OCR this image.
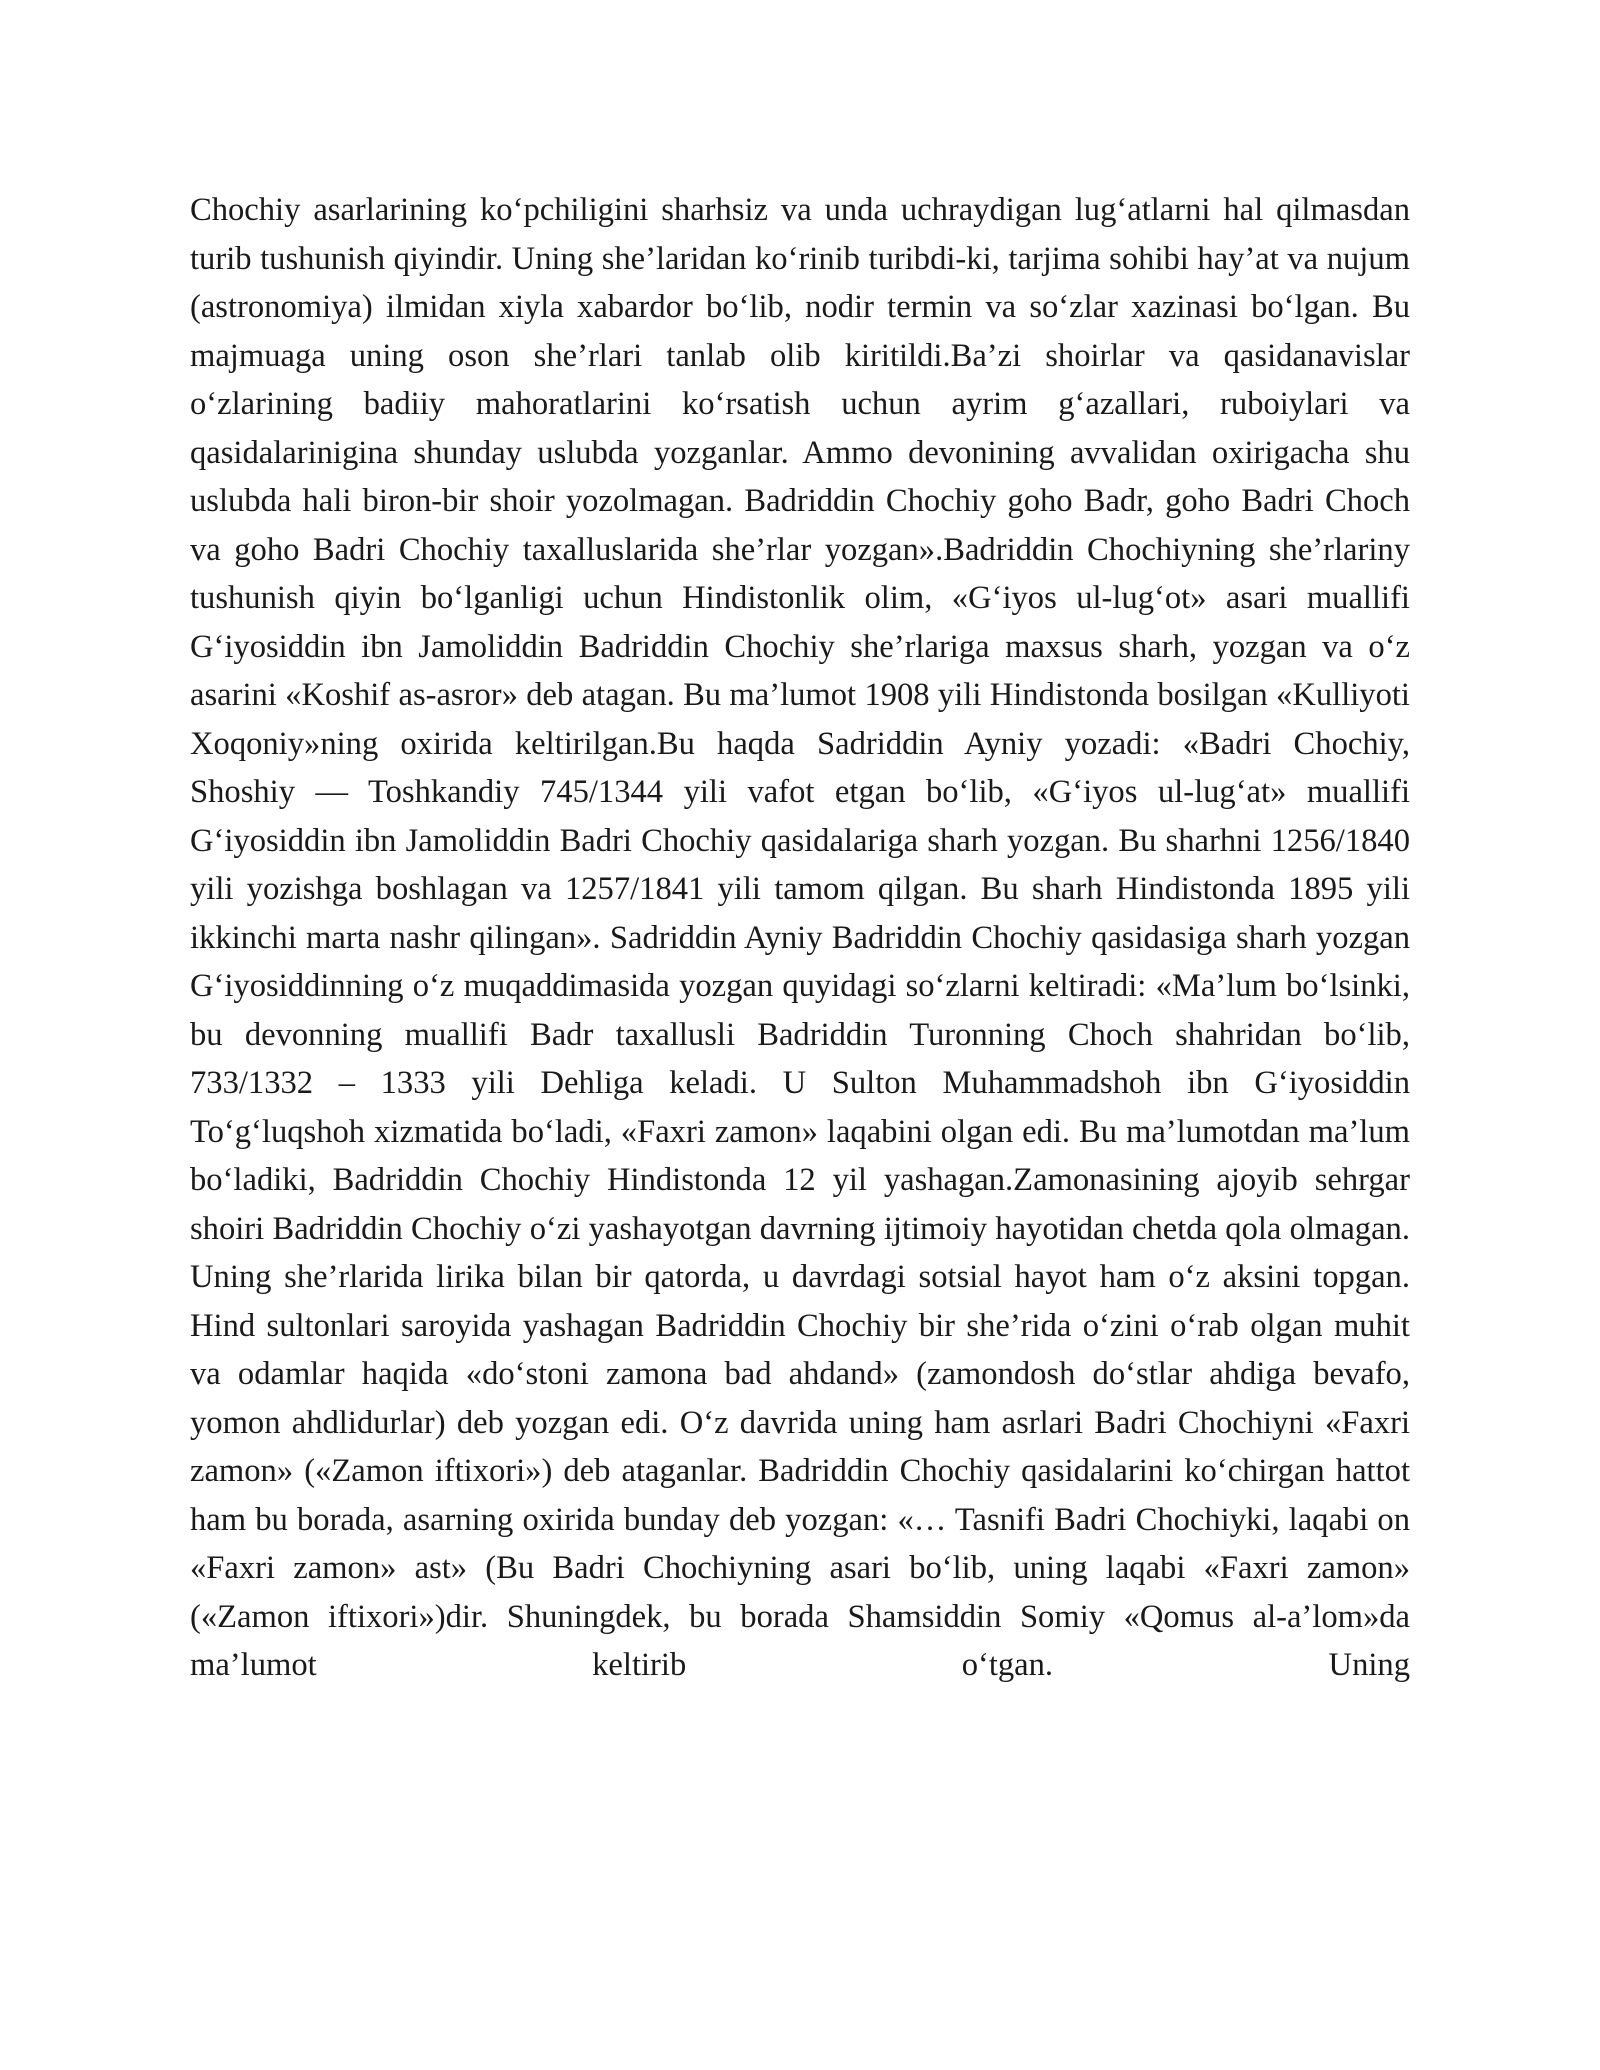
Chochiy asarlarining ko‘pchiligini sharhsiz va unda uchraydigan lug‘atlarni hal qilmasdan turib tushunish qiyindir. Uning she’laridan ko‘rinib turibdi-ki, tarjima sohibi hay’at va nujum (astronomiya) ilmidan xiyla xabardor bo‘lib, nodir termin va so‘zlar xazinasi bo‘lgan. Bu majmuaga uning oson she’rlari tanlab olib kiritildi.Ba’zi shoirlar va qasidanavislar o‘zlarining badiiy mahoratlarini ko‘rsatish uchun ayrim g‘azallari, ruboiylari va qasidalarinigina shunday uslubda yozganlar. Ammo devonining avvalidan oxirigacha shu uslubda hali biron-bir shoir yozolmagan. Badriddin Chochiy goho Badr, goho Badri Choch va goho Badri Chochiy taxalluslarida she’rlar yozgan».Badriddin Chochiyning she’rlariny tushunish qiyin bo‘lganligi uchun Hindistonlik olim, «G‘iyos ul-lug‘ot» asari muallifi G‘iyosiddin ibn Jamoliddin Badriddin Chochiy she’rlariga maxsus sharh, yozgan va o‘z asarini «Koshif as-asror» deb atagan. Bu ma’lumot 1908 yili Hindistonda bosilgan «Kulliyoti Xoqoniy»ning oxirida keltirilgan.Bu haqda Sadriddin Ayniy yozadi: «Badri Chochiy, Shoshiy — Toshkandiy 745/1344 yili vafot etgan bo‘lib, «G‘iyos ul-lug‘at» muallifi G‘iyosiddin ibn Jamoliddin Badri Chochiy qasidalariga sharh yozgan. Bu sharhni 1256/1840 yili yozishga boshlagan va 1257/1841 yili tamom qilgan. Bu sharh Hindistonda 1895 yili ikkinchi marta nashr qilingan». Sadriddin Ayniy Badriddin Chochiy qasidasiga sharh yozgan G‘iyosiddinning o‘z muqaddimasida yozgan quyidagi so‘zlarni keltiradi: «Ma’lum bo‘lsinki, bu devonning muallifi Badr taxallusli Badriddin Turonning Choch shahridan bo‘lib, 733/1332 – 1333 yili Dehliga keladi. U Sulton Muhammadshoh ibn G‘iyosiddin To‘g‘luqshoh xizmatida bo‘ladi, «Faxri zamon» laqabini olgan edi. Bu ma’lumotdan ma’lum bo‘ladiki, Badriddin Chochiy Hindistonda 12 yil yashagan.Zamonasining ajoyib sehrgar shoiri Badriddin Chochiy o‘zi yashayotgan davrning ijtimoiy hayotidan chetda qola olmagan. Uning she’rlarida lirika bilan bir qatorda, u davrdagi sotsial hayot ham o‘z aksini topgan. Hind sultonlari saroyida yashagan Badriddin Chochiy bir she’rida o‘zini o‘rab olgan muhit va odamlar haqida «do‘stoni zamona bad ahdand» (zamondosh do‘stlar ahdiga bevafo, yomon ahdlidurlar) deb yozgan edi. O‘z davrida uning ham asrlari Badri Chochiyni «Faxri zamon» («Zamon iftixori») deb ataganlar. Badriddin Chochiy qasidalarini ko‘chirgan hattot ham bu borada, asarning oxirida bunday deb yozgan: «… Tasnifi Badri Chochiyki, laqabi on «Faxri zamon» ast» (Bu Badri Chochiyning asari bo‘lib, uning laqabi «Faxri zamon» («Zamon iftixori»)dir. Shuningdek, bu borada Shamsiddin Somiy «Qomus al-a’lom»da ma’lumot keltirib o‘tgan. Uning
